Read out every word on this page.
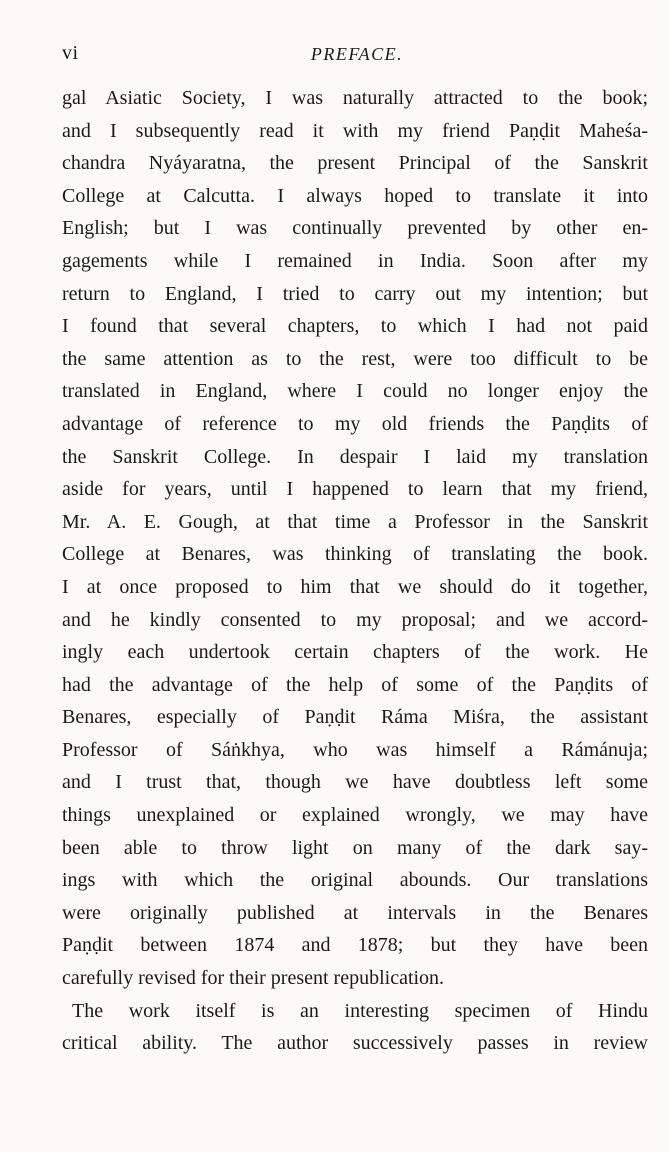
vi	PREFACE.
gal Asiatic Society, I was naturally attracted to the book;
and I subsequently read it with my friend Paṇḍit Maheśa-
chandra Nyáyaratna, the present Principal of the Sanskrit
College at Calcutta. I always hoped to translate it into
English; but I was continually prevented by other en-
gagements while I remained in India. Soon after my
return to England, I tried to carry out my intention; but
I found that several chapters, to which I had not paid
the same attention as to the rest, were too difficult to be
translated in England, where I could no longer enjoy the
advantage of reference to my old friends the Paṇḍits of
the Sanskrit College. In despair I laid my translation
aside for years, until I happened to learn that my friend,
Mr. A. E. Gough, at that time a Professor in the Sanskrit
College at Benares, was thinking of translating the book.
I at once proposed to him that we should do it together,
and he kindly consented to my proposal; and we accord-
ingly each undertook certain chapters of the work. He
had the advantage of the help of some of the Paṇḍits of
Benares, especially of Paṇḍit Ráma Miśra, the assistant
Professor of Sáṅkhya, who was himself a Rámánuja;
and I trust that, though we have doubtless left some
things unexplained or explained wrongly, we may have
been able to throw light on many of the dark say-
ings with which the original abounds. Our translations
were originally published at intervals in the Benares
Paṇḍit between 1874 and 1878; but they have been
carefully revised for their present republication.
The work itself is an interesting specimen of Hindu
critical ability. The author successively passes in review
